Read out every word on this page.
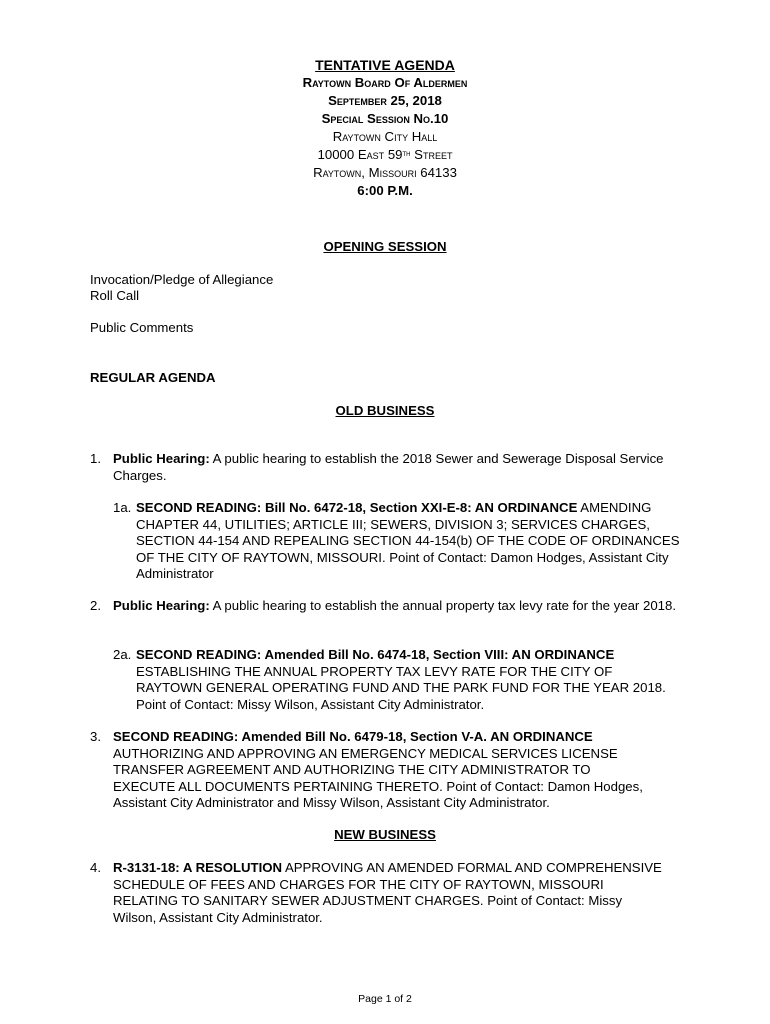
TENTATIVE AGENDA
Raytown Board Of Aldermen
September 25, 2018
Special Session No.10
Raytown City Hall
10000 East 59th Street
Raytown, Missouri 64133
6:00 P.M.
OPENING SESSION
Invocation/Pledge of Allegiance
Roll Call
Public Comments
REGULAR AGENDA
OLD BUSINESS
1. Public Hearing: A public hearing to establish the 2018 Sewer and Sewerage Disposal Service Charges.
1a. SECOND READING: Bill No. 6472-18, Section XXI-E-8: AN ORDINANCE AMENDING CHAPTER 44, UTILITIES; ARTICLE III; SEWERS, DIVISION 3; SERVICES CHARGES, SECTION 44-154 AND REPEALING SECTION 44-154(b) OF THE CODE OF ORDINANCES OF THE CITY OF RAYTOWN, MISSOURI. Point of Contact: Damon Hodges, Assistant City Administrator
2. Public Hearing: A public hearing to establish the annual property tax levy rate for the year 2018.
2a. SECOND READING: Amended Bill No. 6474-18, Section VIII: AN ORDINANCE ESTABLISHING THE ANNUAL PROPERTY TAX LEVY RATE FOR THE CITY OF RAYTOWN GENERAL OPERATING FUND AND THE PARK FUND FOR THE YEAR 2018. Point of Contact: Missy Wilson, Assistant City Administrator.
3. SECOND READING: Amended Bill No. 6479-18, Section V-A. AN ORDINANCE AUTHORIZING AND APPROVING AN EMERGENCY MEDICAL SERVICES LICENSE TRANSFER AGREEMENT AND AUTHORIZING THE CITY ADMINISTRATOR TO EXECUTE ALL DOCUMENTS PERTAINING THERETO. Point of Contact: Damon Hodges, Assistant City Administrator and Missy Wilson, Assistant City Administrator.
NEW BUSINESS
4. R-3131-18: A RESOLUTION APPROVING AN AMENDED FORMAL AND COMPREHENSIVE SCHEDULE OF FEES AND CHARGES FOR THE CITY OF RAYTOWN, MISSOURI RELATING TO SANITARY SEWER ADJUSTMENT CHARGES. Point of Contact: Missy Wilson, Assistant City Administrator.
Page 1 of 2
